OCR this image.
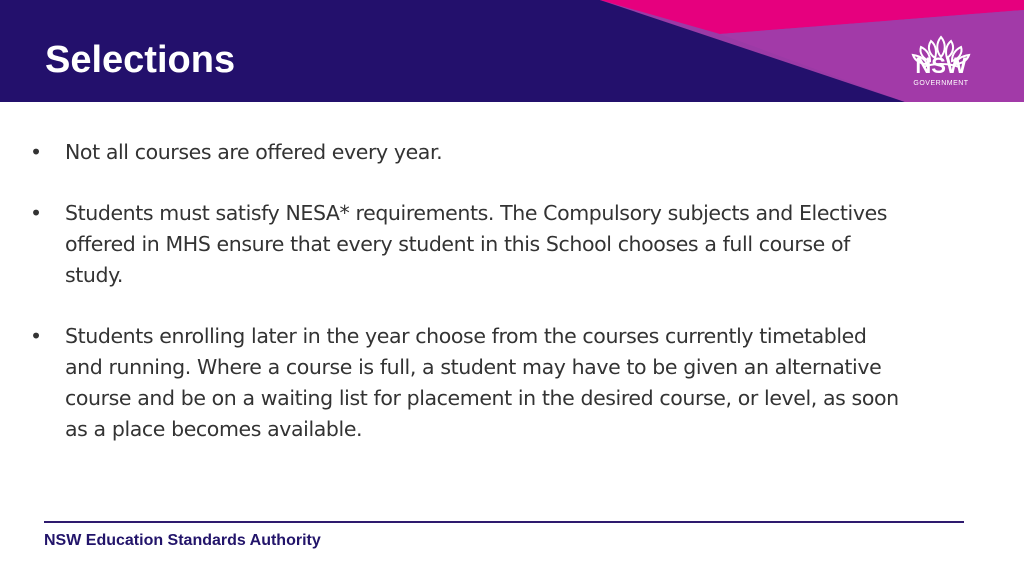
Selections	NSW
GOVERNMENT
• Not all courses are offered every year.
• Students must satisfy NESA* requirements. The Compulsory subjects and Electives offered in MHS ensure that every student in this School chooses a full course of study.
• Students enrolling later in the year choose from the courses currently timetabled and running. Where a course is full, a student may have to be given an alternative course and be on a waiting list for placement in the desired course, or level, as soon as a place becomes available.
NSW Education Standards Authority
